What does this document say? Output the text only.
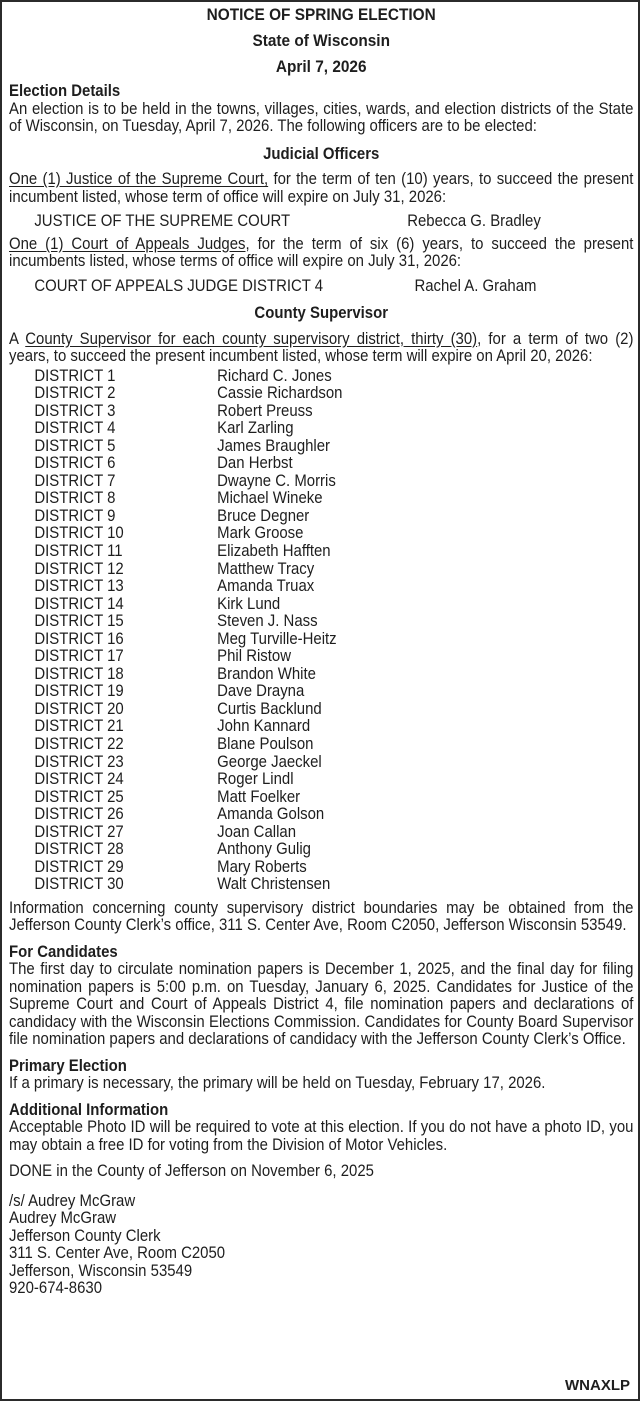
NOTICE OF SPRING ELECTION
State of Wisconsin
April 7, 2026
Election Details

An election is to be held in the towns, villages, cities, wards, and election districts of the State of Wisconsin, on Tuesday, April 7, 2026. The following officers are to be elected:

Judicial Officers

One (1) Justice of the Supreme Court, for the term of ten (10) years, to succeed the present incumbent listed, whose term of office will expire on July 31, 2026:

JUSTICE OF THE SUPREME COURT	Rebecca G. Bradley

One (1) Court of Appeals Judges, for the term of six (6) years, to succeed the present incumbents listed, whose terms of office will expire on July 31, 2026:

COURT OF APPEALS JUDGE DISTRICT 4	Rachel A. Graham
County Supervisor

A County Supervisor for each county supervisory district, thirty (30), for a term of two (2) years, to succeed the present incumbent listed, whose term will expire on April 20, 2026:

DISTRICT 1	Richard C. Jones
DISTRICT 2	Cassie Richardson
DISTRICT 3	Robert Preuss
DISTRICT 4	Karl Zarling
DISTRICT 5	James Braughler
DISTRICT 6	Dan Herbst
DISTRICT 7	Dwayne C. Morris
DISTRICT 8	Michael Wineke
DISTRICT 9	Bruce Degner
DISTRICT 10	Mark Groose
DISTRICT 11	Elizabeth Hafften
DISTRICT 12	Matthew Tracy
DISTRICT 13	Amanda Truax
DISTRICT 14	Kirk Lund
DISTRICT 15	Steven J. Nass
DISTRICT 16	Meg Turville-Heitz
DISTRICT 17	Phil Ristow
DISTRICT 18	Brandon White
DISTRICT 19	Dave Drayna
DISTRICT 20	Curtis Backlund
DISTRICT 21	John Kannard
DISTRICT 22	Blane Poulson
DISTRICT 23	George Jaeckel
DISTRICT 24	Roger Lindl
DISTRICT 25	Matt Foelker
DISTRICT 26	Amanda Golson
DISTRICT 27	Joan Callan
DISTRICT 28	Anthony Gulig
DISTRICT 29	Mary Roberts
DISTRICT 30	Walt Christensen

Information concerning county supervisory district boundaries may be obtained from the Jefferson County Clerk’s office, 311 S. Center Ave, Room C2050, Jefferson Wisconsin 53549.

For Candidates

The first day to circulate nomination papers is December 1, 2025, and the final day for filing nomination papers is 5:00 p.m. on Tuesday, January 6, 2025. Candidates for Justice of the Supreme Court and Court of Appeals District 4, file nomination papers and declarations of candidacy with the Wisconsin Elections Commission. Candidates for County Board Supervisor file nomination papers and declarations of candidacy with the Jefferson County Clerk’s Office.

Primary Election

If a primary is necessary, the primary will be held on Tuesday, February 17, 2026.

Additional Information

Acceptable Photo ID will be required to vote at this election. If you do not have a photo ID, you may obtain a free ID for voting from the Division of Motor Vehicles.

DONE in the County of Jefferson on November 6, 2025

/s/ Audrey McGraw
Audrey McGraw
Jefferson County Clerk
311 S. Center Ave, Room C2050
Jefferson, Wisconsin 53549
920-674-8630
WNAXLP
